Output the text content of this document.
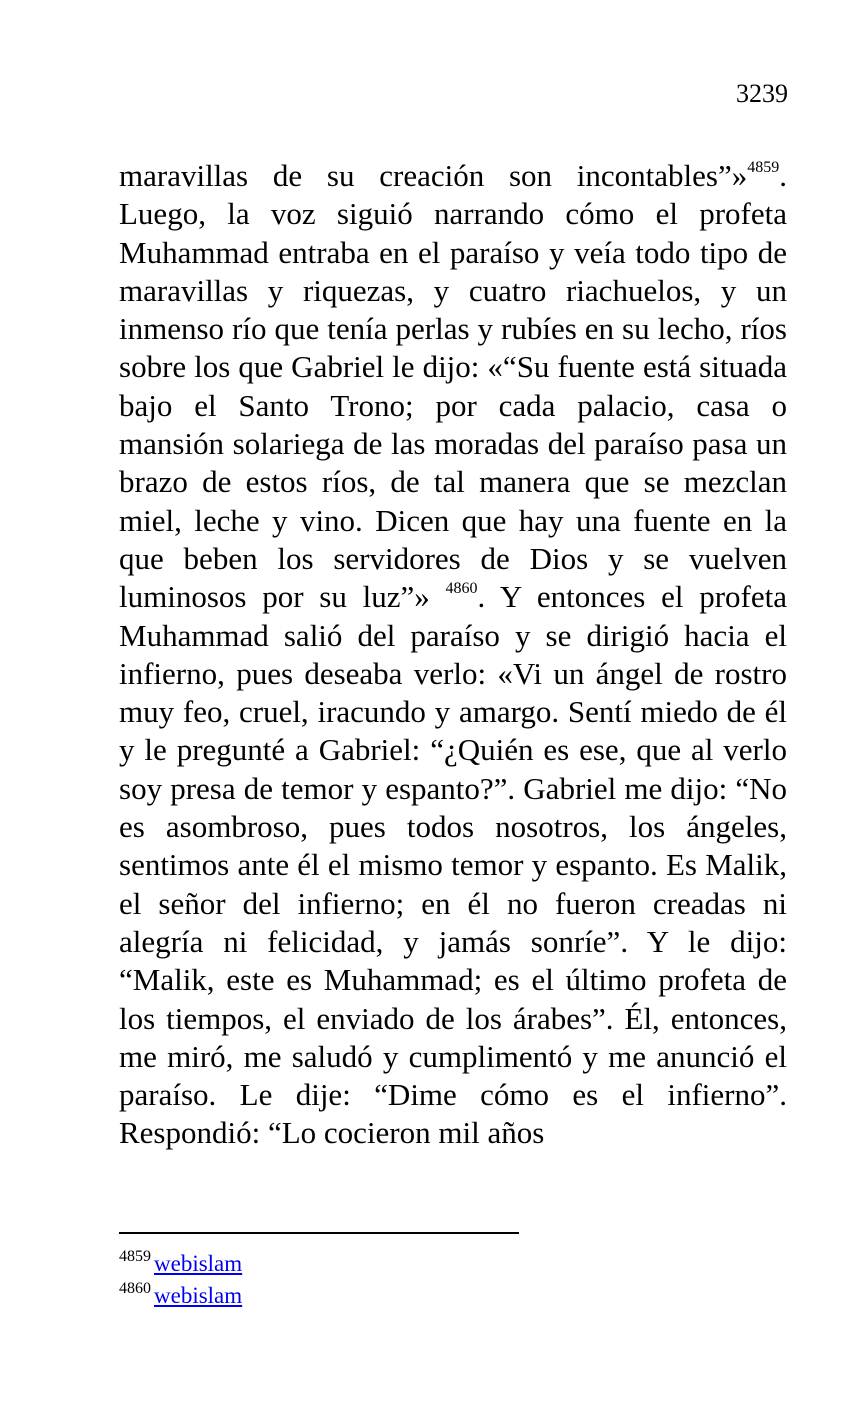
3239

maravillas de su creación son incontables”»$^{4859}$. Luego, la voz siguió narrando cómo el profeta Muhammad entraba en el paraíso y veía todo tipo de maravillas y riquezas, y cuatro riachuelos, y un inmenso río que tenía perlas y rubíes en su lecho, ríos sobre los que Gabriel le dijo: «“Su fuente está situada bajo el Santo Trono; por cada palacio, casa o mansión solariega de las moradas del paraíso pasa un brazo de estos ríos, de tal manera que se mezclan miel, leche y vino. Dicen que hay una fuente en la que beben los servidores de Dios y se vuelven luminosos por su luz”» $^{4860}$. Y entonces el profeta Muhammad salió del paraíso y se dirigió hacia el infierno, pues deseaba verlo: «Vi un ángel de rostro muy feo, cruel, iracundo y amargo. Sentí miedo de él y le pregunté a Gabriel: “¿Quién es ese, que al verlo soy presa de temor y espanto?”. Gabriel me dijo: “No es asombroso, pues todos nosotros, los ángeles, sentimos ante él el mismo temor y espanto. Es Malik, el señor del infierno; en él no fueron creadas ni alegría ni felicidad, y jamás sonríe”. Y le dijo: “Malik, este es Muhammad; es el último profeta de los tiempos, el enviado de los árabes”. Él, entonces, me miró, me saludó y cumplimentó y me anunció el paraíso. Le dije: “Dime cómo es el infierno”. Respondió: “Lo cocieron mil años

$^{4859}$ webislam
$^{4860}$ webislam
